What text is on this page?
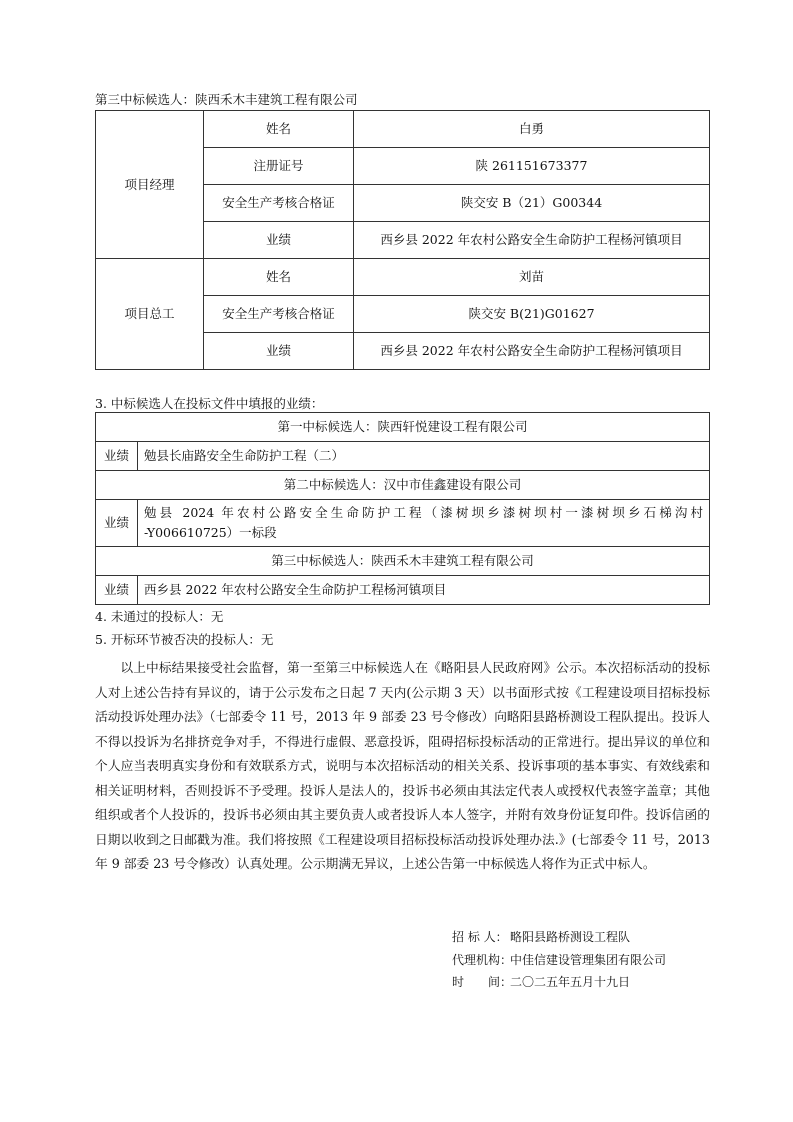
第三中标候选人：陕西禾木丰建筑工程有限公司
项目经理	姓名	白勇
	注册证号	陕 261151673377
	安全生产考核合格证	陕交安 B（21）G00344
	业绩	西乡县 2022 年农村公路安全生命防护工程杨河镇项目
项目总工	姓名	刘苗
	安全生产考核合格证	陕交安 B(21)G01627
	业绩	西乡县 2022 年农村公路安全生命防护工程杨河镇项目
3. 中标候选人在投标文件中填报的业绩：
第一中标候选人：陕西轩悦建设工程有限公司	
业绩	勉县长庙路安全生命防护工程（二）
第二中标候选人：汉中市佳鑫建设有限公司	
业绩	勉县 2024 年农村公路安全生命防护工程（漆树坝乡漆树坝村一漆树坝乡石梯沟村
-Y006610725）一标段

第三中标候选人：陕西禾木丰建筑工程有限公司	
业绩	西乡县 2022 年农村公路安全生命防护工程杨河镇项目
4. 未通过的投标人：无
5. 开标环节被否决的投标人：无
以上中标结果接受社会监督，第一至第三中标候选人在《略阳县人民政府网》公示。本次招标活动的投标人对上述公告持有异议的，请于公示发布之日起 7 天内(公示期 3 天）以书面形式按《工程建设项目招标投标活动投诉处理办法》（七部委令 11 号，2013 年 9 部委 23 号令修改）向略阳县路桥测设工程队提出。投诉人不得以投诉为名排挤竞争对手，不得进行虚假、恶意投诉，阻碍招标投标活动的正常进行。提出异议的单位和个人应当表明真实身份和有效联系方式，说明与本次招标活动的相关关系、投诉事项的基本事实、有效线索和相关证明材料，否则投诉不予受理。投诉人是法人的，投诉书必须由其法定代表人或授权代表签字盖章；其他组织或者个人投诉的，投诉书必须由其主要负责人或者投诉人本人签字，并附有效身份证复印件。投诉信函的日期以收到之日邮戳为准。我们将按照《工程建设项目招标投标活动投诉处理办法.》(七部委令 11 号，2013 年 9 部委 23 号令修改）认真处理。公示期满无异议，上述公告第一中标候选人将作为正式中标人。
招 标 人： 略阳县路桥测设工程队
代理机构：中佳信建设管理集团有限公司
时　　间：二〇二五年五月十九日
